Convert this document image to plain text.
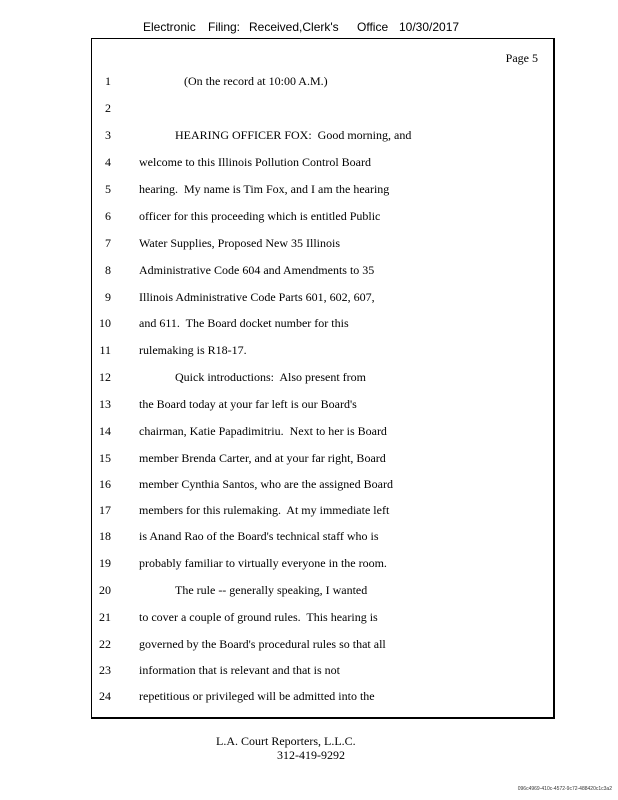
Electronic Filing: Received,Clerk's Office 10/30/2017
Page 5
1	(On the record at 10:00 A.M.)
2
3	HEARING OFFICER FOX:  Good morning, and
4 welcome to this Illinois Pollution Control Board
5 hearing.  My name is Tim Fox, and I am the hearing
6 officer for this proceeding which is entitled Public
7 Water Supplies, Proposed New 35 Illinois
8 Administrative Code 604 and Amendments to 35
9 Illinois Administrative Code Parts 601, 602, 607,
10 and 611.  The Board docket number for this
11 rulemaking is R18-17.
12	Quick introductions:  Also present from
13 the Board today at your far left is our Board's
14 chairman, Katie Papadimitriu.  Next to her is Board
15 member Brenda Carter, and at your far right, Board
16 member Cynthia Santos, who are the assigned Board
17 members for this rulemaking.  At my immediate left
18 is Anand Rao of the Board's technical staff who is
19 probably familiar to virtually everyone in the room.
20	The rule -- generally speaking, I wanted
21 to cover a couple of ground rules.  This hearing is
22 governed by the Board's procedural rules so that all
23 information that is relevant and that is not
24 repetitious or privileged will be admitted into the
L.A. Court Reporters, L.L.C.
312-419-9292
096c4969-410c-4572-9c72-488420c1c3a2
